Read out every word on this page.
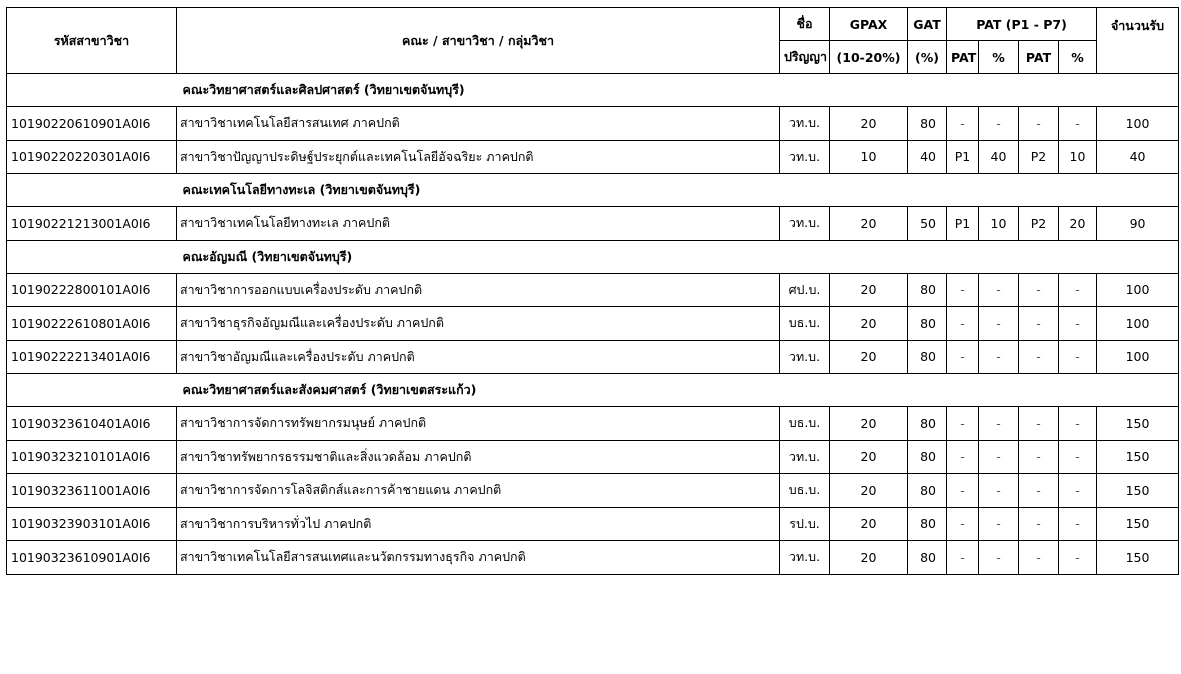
รหัสสาขาวิชา	คณะ / สาขาวิชา / กลุ่มวิชา	ชื่อ	GPAX	GAT	PAT (P1 - P7)				จำนวนรับ
		ปริญญา	(10-20%)	(%)	PAT	%	PAT	%	
	คณะวิทยาศาสตร์และศิลปศาสตร์ (วิทยาเขตจันทบุรี)								
10190220610901A0I6	สาขาวิชาเทคโนโลยีสารสนเทศ ภาคปกติ	วท.บ.	20	80	-	-	-	-	100
10190220220301A0I6	สาขาวิชาปัญญาประดิษฐ์ประยุกต์และเทคโนโลยีอัจฉริยะ ภาคปกติ	วท.บ.	10	40	P1	40	P2	10	40
	คณะเทคโนโลยีทางทะเล (วิทยาเขตจันทบุรี)								
10190221213001A0I6	สาขาวิชาเทคโนโลยีทางทะเล ภาคปกติ	วท.บ.	20	50	P1	10	P2	20	90
	คณะอัญมณี (วิทยาเขตจันทบุรี)								
10190222800101A0I6	สาขาวิชาการออกแบบเครื่องประดับ ภาคปกติ	ศป.บ.	20	80	-	-	-	-	100
10190222610801A0I6	สาขาวิชาธุรกิจอัญมณีและเครื่องประดับ ภาคปกติ	บธ.บ.	20	80	-	-	-	-	100
10190222213401A0I6	สาขาวิชาอัญมณีและเครื่องประดับ ภาคปกติ	วท.บ.	20	80	-	-	-	-	100
	คณะวิทยาศาสตร์และสังคมศาสตร์ (วิทยาเขตสระแก้ว)								
10190323610401A0I6	สาขาวิชาการจัดการทรัพยากรมนุษย์ ภาคปกติ	บธ.บ.	20	80	-	-	-	-	150
10190323210101A0I6	สาขาวิชาทรัพยากรธรรมชาติและสิ่งแวดล้อม ภาคปกติ	วท.บ.	20	80	-	-	-	-	150
10190323611001A0I6	สาขาวิชาการจัดการโลจิสติกส์และการค้าชายแดน ภาคปกติ	บธ.บ.	20	80	-	-	-	-	150
10190323903101A0I6	สาขาวิชาการบริหารทั่วไป ภาคปกติ	รป.บ.	20	80	-	-	-	-	150
10190323610901A0I6	สาขาวิชาเทคโนโลยีสารสนเทศและนวัตกรรมทางธุรกิจ ภาคปกติ	วท.บ.	20	80	-	-	-	-	150
